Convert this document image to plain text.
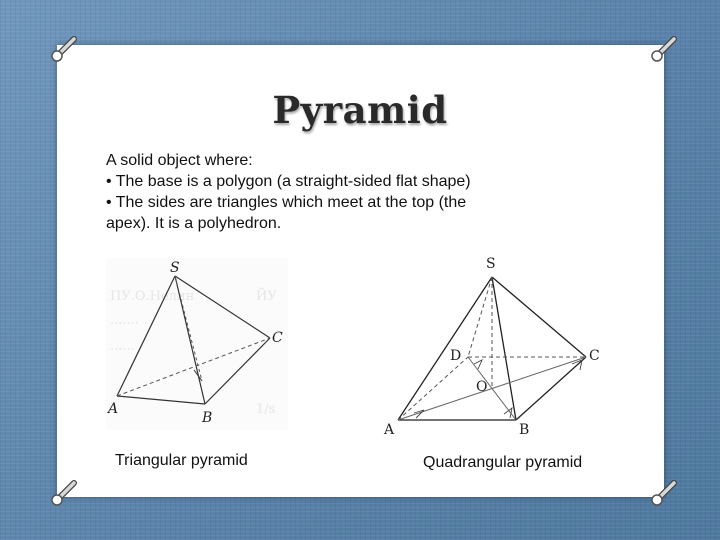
Pyramid
A solid object where:
• The base is a polygon (a straight-sided flat shape)
• The sides are triangles which meet at the top (the
apex). It is a polyhedron.
ПУ.О.Нелин	ЙУ
.......
......
1/s
S
A
B
C
S
A	B
C
D
O
Triangular pyramid	Quadrangular pyramid
